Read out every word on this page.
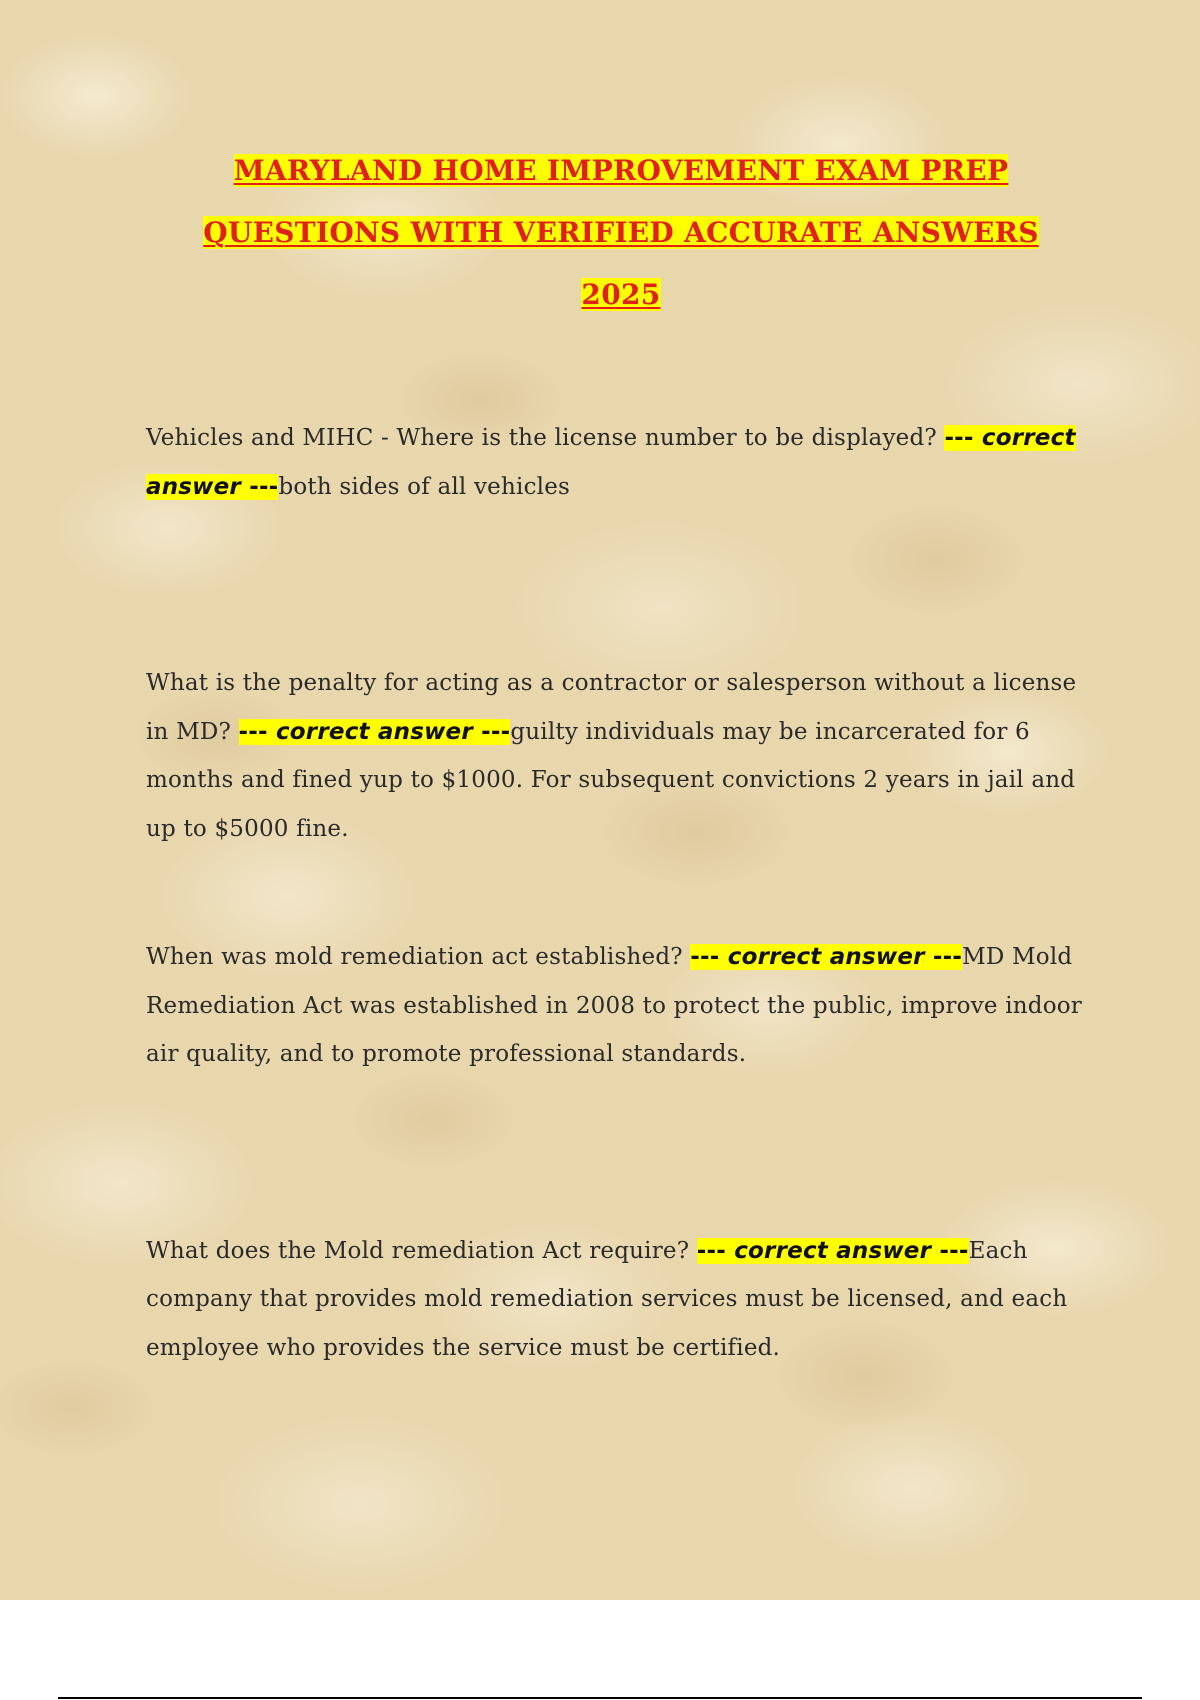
MARYLAND HOME IMPROVEMENT EXAM PREP
QUESTIONS WITH VERIFIED ACCURATE ANSWERS
2025

Vehicles and MIHC - Where is the license number to be displayed? --- correct answer ---both sides of all vehicles

What is the penalty for acting as a contractor or salesperson without a license in MD? --- correct answer ---guilty individuals may be incarcerated for 6 months and fined yup to $1000. For subsequent convictions 2 years in jail and up to $5000 fine.

When was mold remediation act established? --- correct answer ---MD Mold Remediation Act was established in 2008 to protect the public, improve indoor air quality, and to promote professional standards.

What does the Mold remediation Act require? --- correct answer ---Each company that provides mold remediation services must be licensed, and each employee who provides the service must be certified.
